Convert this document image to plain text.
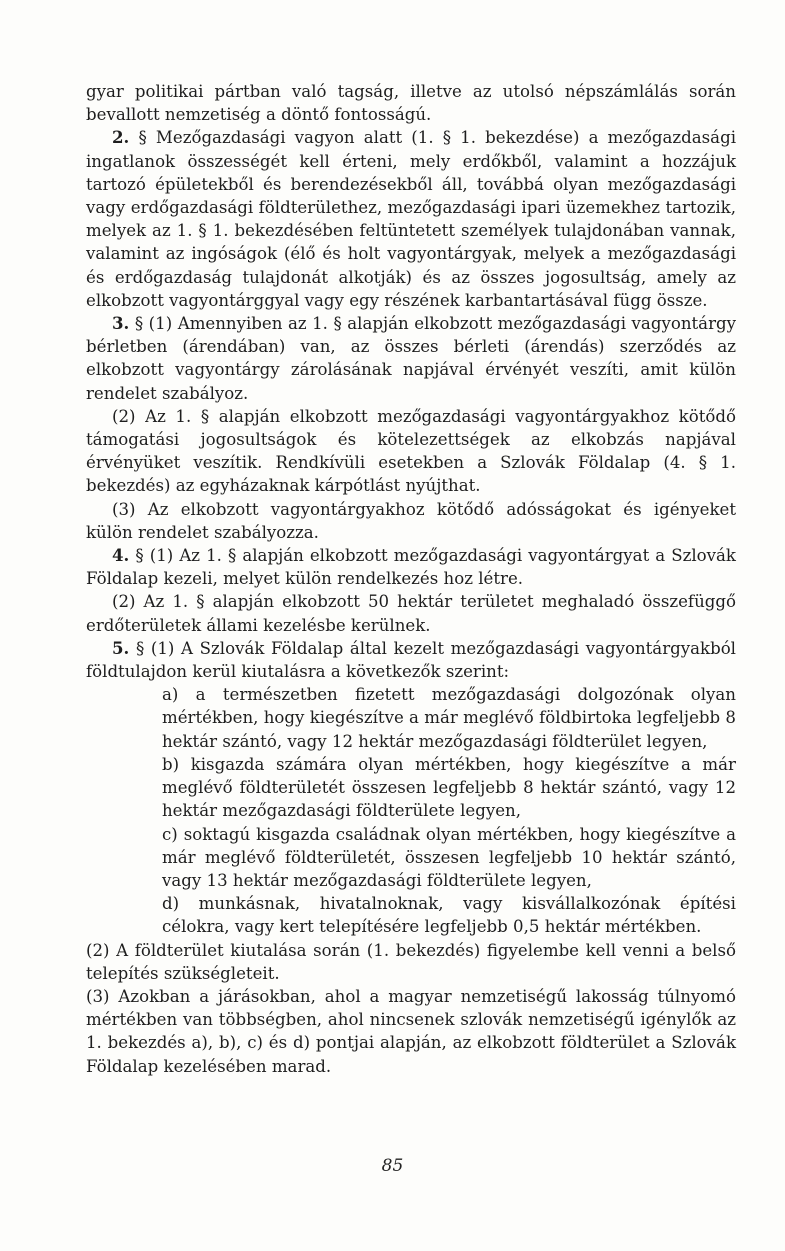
gyar politikai pártban való tagság, illetve az utolsó népszámlálás során bevallott nemzetiség a döntő fontosságú.

2. § Mezőgazdasági vagyon alatt (1. § 1. bekezdése) a mezőgazdasági ingatlanok összességét kell érteni, mely erdőkből, valamint a hozzájuk tartozó épületekből és berendezésekből áll, továbbá olyan mezőgazdasági vagy erdőgazdasági földterülethez, mezőgazdasági ipari üzemekhez tartozik, melyek az 1. § 1. bekezdésében feltüntetett személyek tulajdonában vannak, valamint az ingóságok (élő és holt vagyontárgyak, melyek a mezőgazdasági és erdőgazdaság tulajdonát alkotják) és az összes jogosultság, amely az elkobzott vagyontárggyal vagy egy részének karbantartásával függ össze.

3. § (1) Amennyiben az 1. § alapján elkobzott mezőgazdasági vagyontárgy bérletben (árendában) van, az összes bérleti (árendás) szerződés az elkobzott vagyontárgy zárolásának napjával érvényét veszíti, amit külön rendelet szabályoz.

(2) Az 1. § alapján elkobzott mezőgazdasági vagyontárgyakhoz kötődő támogatási jogosultságok és kötelezettségek az elkobzás napjával érvényüket veszítik. Rendkívüli esetekben a Szlovák Földalap (4. § 1. bekezdés) az egyházaknak kárpótlást nyújthat.

(3) Az elkobzott vagyontárgyakhoz kötődő adósságokat és igényeket külön rendelet szabályozza.

4. § (1) Az 1. § alapján elkobzott mezőgazdasági vagyontárgyat a Szlovák Földalap kezeli, melyet külön rendelkezés hoz létre.

(2) Az 1. § alapján elkobzott 50 hektár területet meghaladó összefüggő erdőterületek állami kezelésbe kerülnek.

5. § (1) A Szlovák Földalap által kezelt mezőgazdasági vagyontárgyakból földtulajdon kerül kiutalásra a következők szerint:

a) a természetben fizetett mezőgazdasági dolgozónak olyan mértékben, hogy kiegészítve a már meglévő földbirtoka legfeljebb 8 hektár szántó, vagy 12 hektár mezőgazdasági földterület legyen,

b) kisgazda számára olyan mértékben, hogy kiegészítve a már meglévő földterületét összesen legfeljebb 8 hektár szántó, vagy 12 hektár mezőgazdasági földterülete legyen,

c) soktagú kisgazda családnak olyan mértékben, hogy kiegészítve a már meglévő földterületét, összesen legfeljebb 10 hektár szántó, vagy 13 hektár mezőgazdasági földterülete legyen,

d) munkásnak, hivatalnoknak, vagy kisvállalkozónak építési célokra, vagy kert telepítésére legfeljebb 0,5 hektár mértékben.

(2) A földterület kiutalása során (1. bekezdés) figyelembe kell venni a belső telepítés szükségleteit.

(3) Azokban a járásokban, ahol a magyar nemzetiségű lakosság túlnyomó mértékben van többségben, ahol nincsenek szlovák nemzetiségű igénylők az 1. bekezdés a), b), c) és d) pontjai alapján, az elkobzott földterület a Szlovák Földalap kezelésében marad.

85
